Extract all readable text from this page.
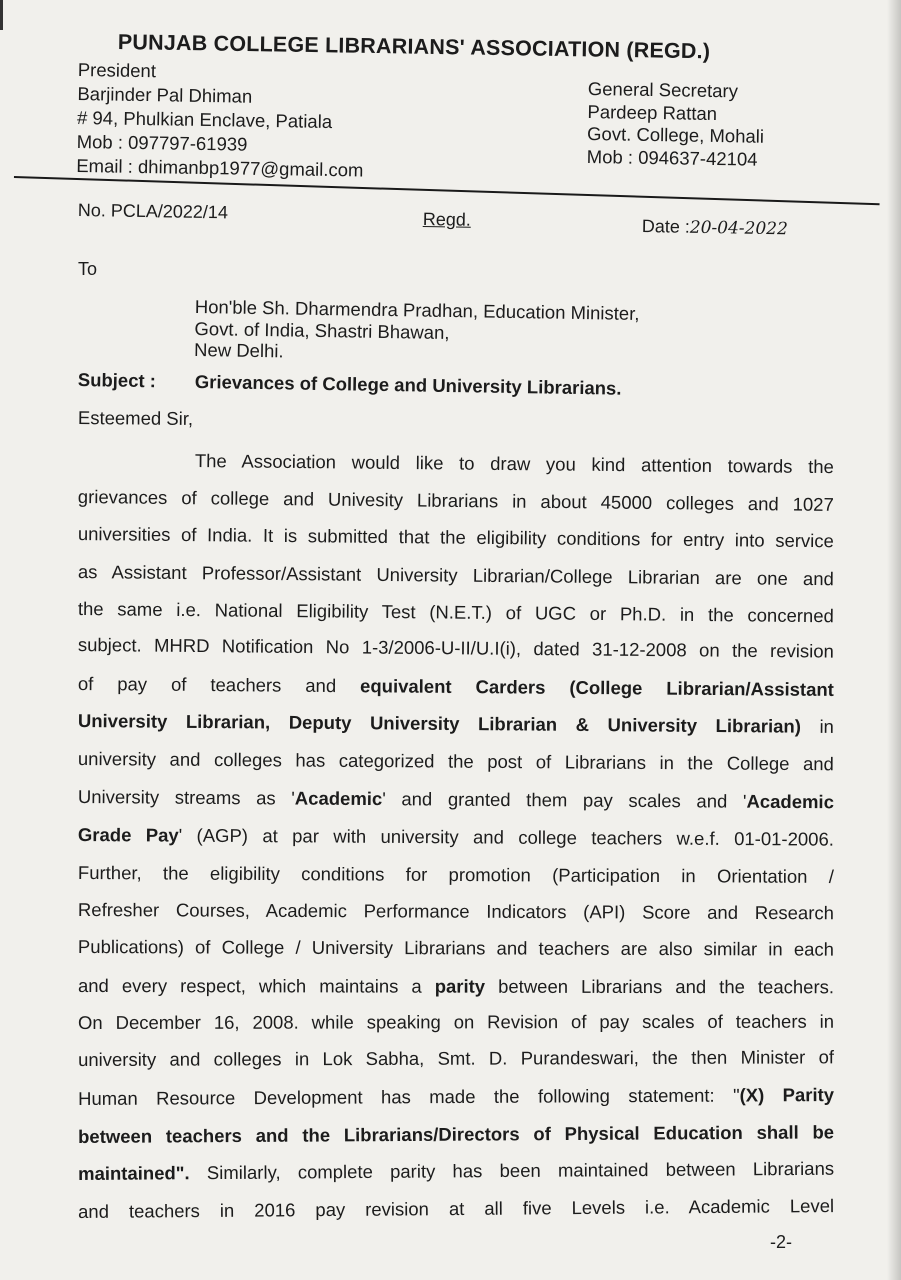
PUNJAB COLLEGE LIBRARIANS' ASSOCIATION (REGD.)
President
Barjinder Pal Dhiman
# 94, Phulkian Enclave, Patiala
Mob : 097797-61939
Email : dhimanbp1977@gmail.com
General Secretary
Pardeep Rattan
Govt. College, Mohali
Mob : 094637-42104
No. PCLA/2022/14	Regd.	Date :20-04-2022
To
Hon'ble Sh. Dharmendra Pradhan, Education Minister,
Govt. of India, Shastri Bhawan,
New Delhi.
Subject : Grievances of College and University Librarians.
Esteemed Sir,
The Association would like to draw you kind attention towards the
grievances of college and Univesity Librarians in about 45000 colleges and 1027
universities of India. It is submitted that the eligibility conditions for entry into service
as Assistant Professor/Assistant University Librarian/College Librarian are one and
the same i.e. National Eligibility Test (N.E.T.) of UGC or Ph.D. in the concerned
subject. MHRD Notification No 1-3/2006-U-II/U.I(i), dated 31-12-2008 on the revision
of pay of teachers and equivalent Carders (College Librarian/Assistant
University Librarian, Deputy University Librarian & University Librarian) in
university and colleges has categorized the post of Librarians in the College and
University streams as 'Academic' and granted them pay scales and 'Academic
Grade Pay' (AGP) at par with university and college teachers w.e.f. 01-01-2006.
Further, the eligibility conditions for promotion (Participation in Orientation /
Refresher Courses, Academic Performance Indicators (API) Score and Research
Publications) of College / University Librarians and teachers are also similar in each
and every respect, which maintains a parity between Librarians and the teachers.
On December 16, 2008. while speaking on Revision of pay scales of teachers in
university and colleges in Lok Sabha, Smt. D. Purandeswari, the then Minister of
Human Resource Development has made the following statement: "(X) Parity
between teachers and the Librarians/Directors of Physical Education shall be
maintained". Similarly, complete parity has been maintained between Librarians
and teachers in 2016 pay revision at all five Levels i.e. Academic Level
-2-
